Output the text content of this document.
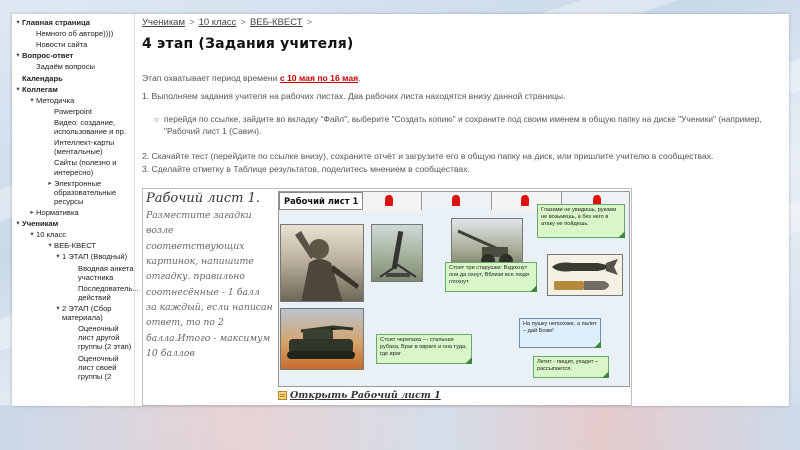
▾ Главная страница
Немного об авторе))))
Новости сайта
▾ Вопрос-ответ
Задаём вопросы
Календарь
▾ Коллегам
▾ Методичка
Powerpoint
Видео: создание, использование и пр.
Интеллект-карты (ментальные)
Сайты (полезно и интересно)
▸ Электронные образовательные ресурсы
▸ Нормативка
▾ Ученикам
▾ 10 класс
▾ ВЕБ-КВЕСТ
▾ 1 ЭТАП (Вводный)
Вводная анкета участника
Последователь... действий
▾ 2 ЭТАП (Сбор материала)
Оценочный лист другой группы (2 этап)
Оценочный лист своей группы (2
Ученикам > 10 класс > ВЕБ-КВЕСТ >
4 этап (Задания учителя)
Этап охватывает период времени с 10 мая по 16 мая.
1. Выполняем задания учителя на рабочих листах. Два рабочих листа находятся внизу данной страницы.
○ перейдя по ссылке, зайдите во вкладку "Файл", выберите "Создать копию" и сохраните под своим именем в общую папку на диске "Ученики" (например, "Рабочий лист 1 (Савич).
2. Скачайте тест (перейдите по ссылке внизу), сохраните отчёт и загрузите его в общую папку на диск, или пришлите учителю в сообществах.
3. Сделайте отметку в Таблице результатов, поделитесь мнением в сообществах.
Рабочий лист 1.
Разместите загадки возле соответствующих картинок, напишите отгадку. правильно соотнесённые - 1 балл за каждый, если написан ответ, то по 2 балла.Итого - максимум 10 баллов
Рабочий лист 1
Глазами не увидишь, руками не возьмешь, а без него в атаку не пойдешь.
Стоят три старушки: Вздохнут они да охнут, Вблизи все люди глохнут
На пушку непохоже, а палит – дай Боже!
Стоит черепаха — стальная рубаха, Враг в овраге и она туда, где враг
Летит - пищит, упадет – рассыпается.
Открыть Рабочий лист 1
